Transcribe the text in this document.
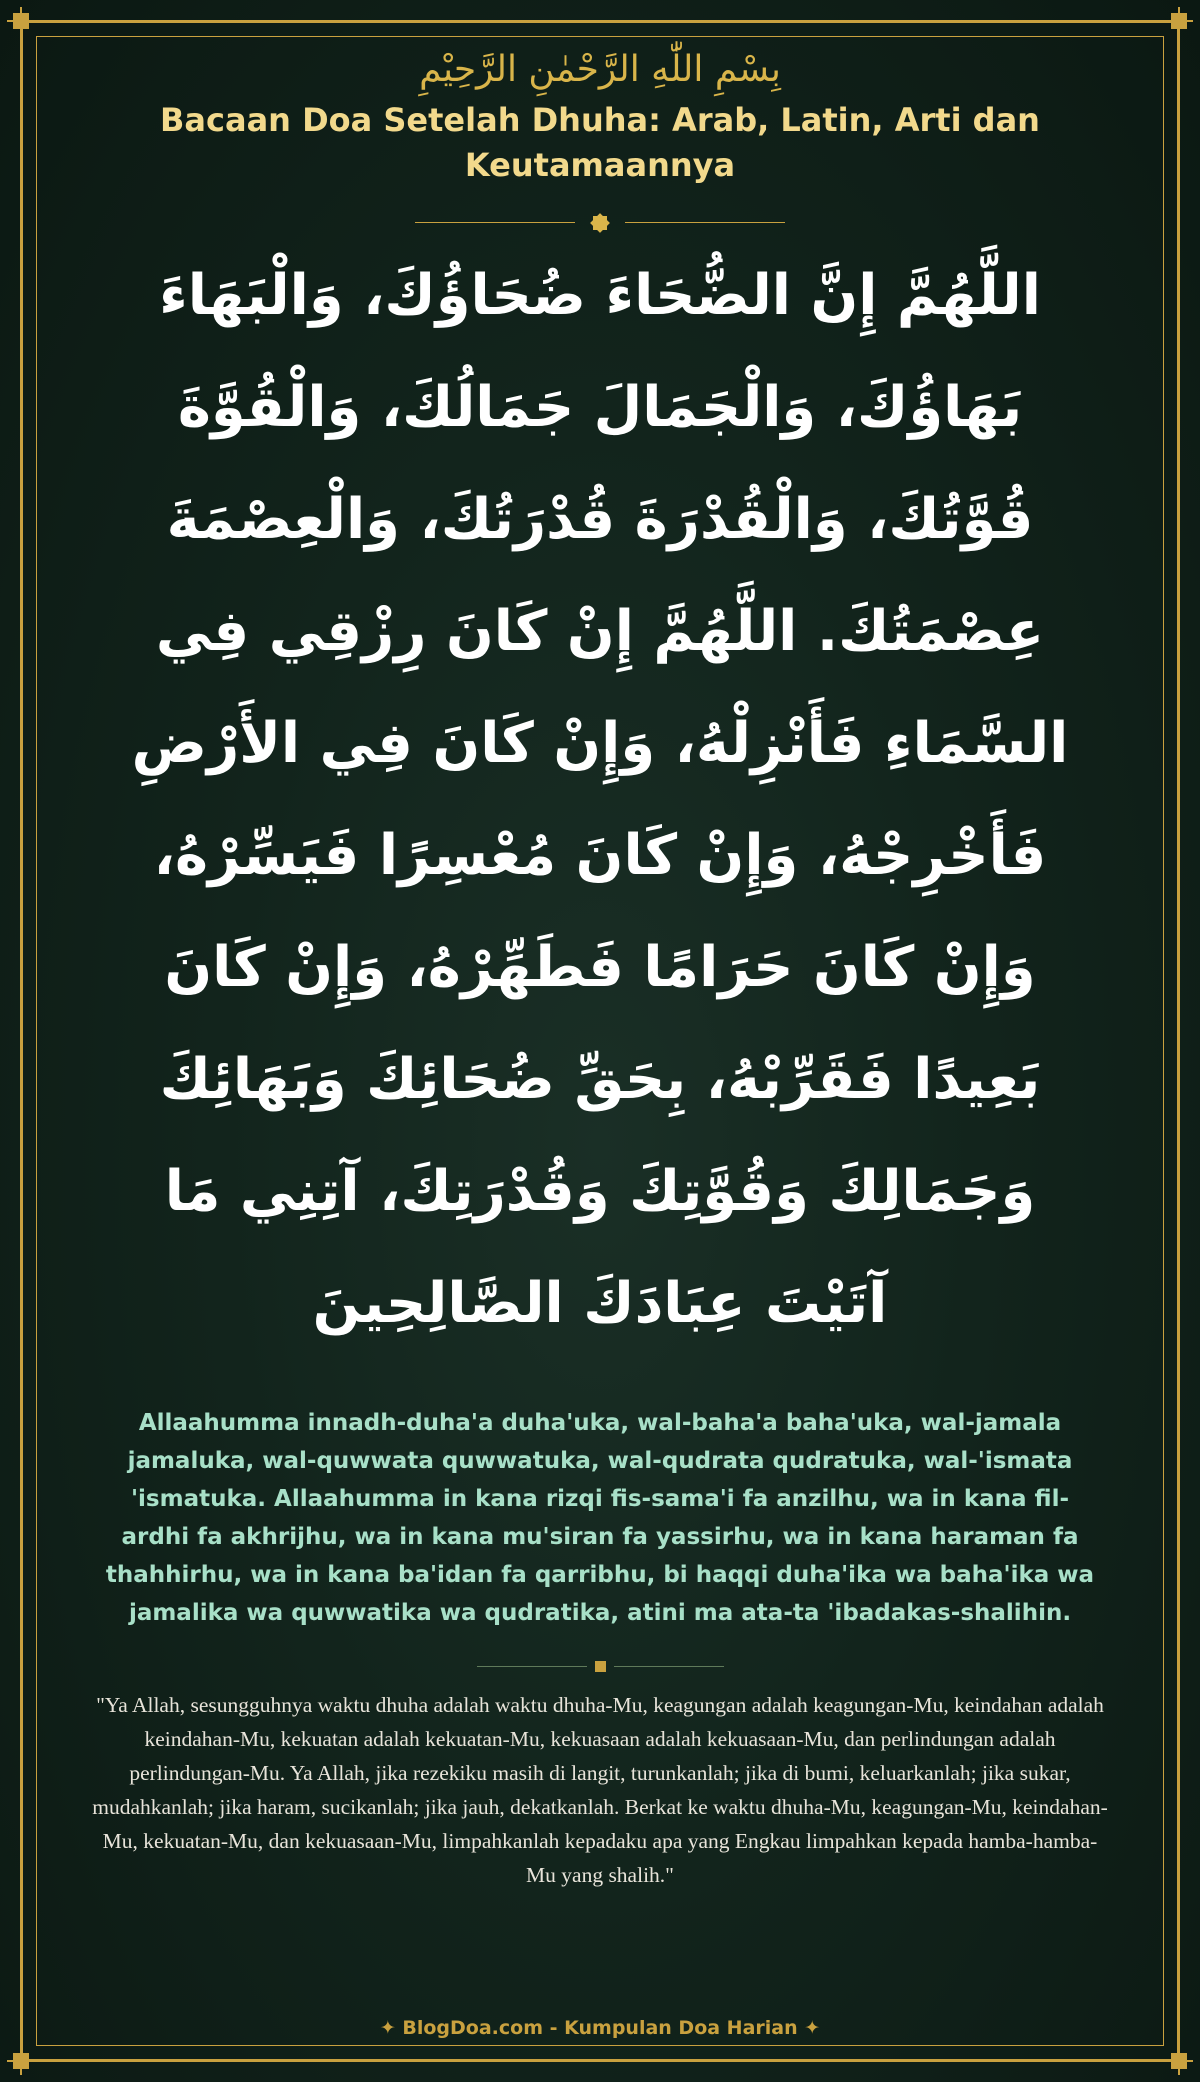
بِسْمِ اللّٰهِ الرَّحْمٰنِ الرَّحِيْمِ
Bacaan Doa Setelah Dhuha: Arab, Latin, Arti dan Keutamaannya
اللَّهُمَّ إِنَّ الضُّحَاءَ ضُحَاؤُكَ، وَالْبَهَاءَ بَهَاؤُكَ، وَالْجَمَالَ جَمَالُكَ، وَالْقُوَّةَ قُوَّتُكَ، وَالْقُدْرَةَ قُدْرَتُكَ، وَالْعِصْمَةَ عِصْمَتُكَ. اللَّهُمَّ إِنْ كَانَ رِزْقِي فِي السَّمَاءِ فَأَنْزِلْهُ، وَإِنْ كَانَ فِي الأَرْضِ فَأَخْرِجْهُ، وَإِنْ كَانَ مُعْسِرًا فَيَسِّرْهُ، وَإِنْ كَانَ حَرَامًا فَطَهِّرْهُ، وَإِنْ كَانَ بَعِيدًا فَقَرِّبْهُ، بِحَقِّ ضُحَائِكَ وَبَهَائِكَ وَجَمَالِكَ وَقُوَّتِكَ وَقُدْرَتِكَ، آتِنِي مَا آتَيْتَ عِبَادَكَ الصَّالِحِينَ
Allaahumma innadh-duha'a duha'uka, wal-baha'a baha'uka, wal-jamala jamaluka, wal-quwwata quwwatuka, wal-qudrata qudratuka, wal-'ismata 'ismatuka. Allaahumma in kana rizqi fis-sama'i fa anzilhu, wa in kana fil-ardhi fa akhrijhu, wa in kana mu'siran fa yassirhu, wa in kana haraman fa thahhirhu, wa in kana ba'idan fa qarribhu, bi haqqi duha'ika wa baha'ika wa jamalika wa quwwatika wa qudratika, atini ma ata-ta 'ibadakas-shalihin.
"Ya Allah, sesungguhnya waktu dhuha adalah waktu dhuha-Mu, keagungan adalah keagungan-Mu, keindahan adalah keindahan-Mu, kekuatan adalah kekuatan-Mu, kekuasaan adalah kekuasaan-Mu, dan perlindungan adalah perlindungan-Mu. Ya Allah, jika rezekiku masih di langit, turunkanlah; jika di bumi, keluarkanlah; jika sukar, mudahkanlah; jika haram, sucikanlah; jika jauh, dekatkanlah. Berkat ke waktu dhuha-Mu, keagungan-Mu, keindahan-Mu, kekuatan-Mu, dan kekuasaan-Mu, limpahkanlah kepadaku apa yang Engkau limpahkan kepada hamba-hamba-Mu yang shalih."
✦ BlogDoa.com - Kumpulan Doa Harian ✦
